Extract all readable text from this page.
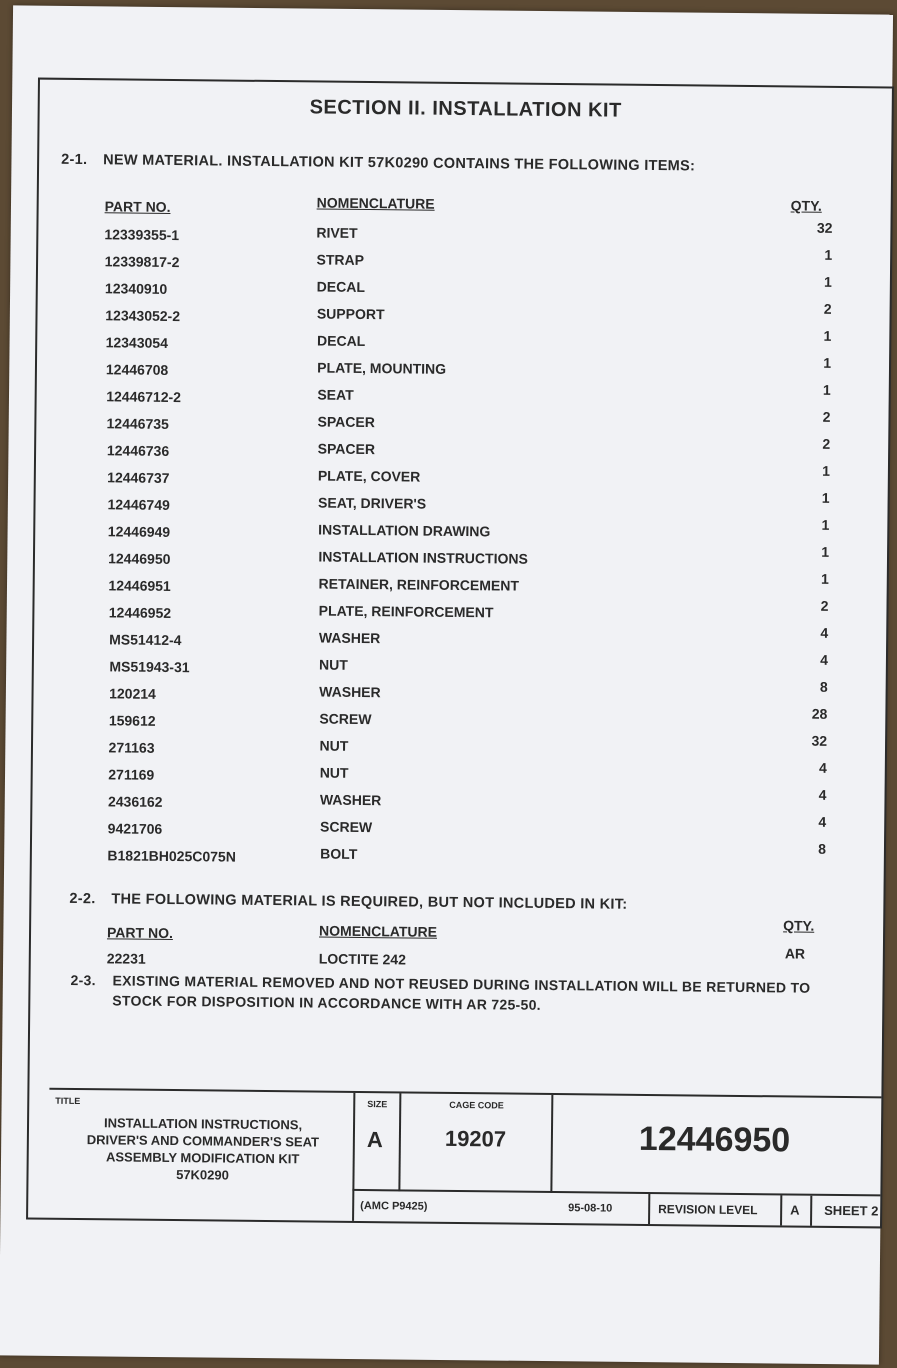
SECTION II. INSTALLATION KIT
2-1. NEW MATERIAL. INSTALLATION KIT 57K0290 CONTAINS THE FOLLOWING ITEMS:
PART NO.	NOMENCLATURE	QTY.
12339355-1	RIVET	32
12339817-2	STRAP	1
12340910	DECAL	1
12343052-2	SUPPORT	2
12343054	DECAL	1
12446708	PLATE, MOUNTING	1
12446712-2	SEAT	1
12446735	SPACER	2
12446736	SPACER	2
12446737	PLATE, COVER	1
12446749	SEAT, DRIVER'S	1
12446949	INSTALLATION DRAWING	1
12446950	INSTALLATION INSTRUCTIONS	1
12446951	RETAINER, REINFORCEMENT	1
12446952	PLATE, REINFORCEMENT	2
MS51412-4	WASHER	4
MS51943-31	NUT	4
120214	WASHER	8
159612	SCREW	28
271163	NUT	32
271169	NUT	4
2436162	WASHER	4
9421706	SCREW	4
B1821BH025C075N	BOLT	8
2-2. THE FOLLOWING MATERIAL IS REQUIRED, BUT NOT INCLUDED IN KIT:
PART NO.	NOMENCLATURE	QTY.
22231	LOCTITE 242	AR
2-3. EXISTING MATERIAL REMOVED AND NOT REUSED DURING INSTALLATION WILL BE RETURNED TO
STOCK FOR DISPOSITION IN ACCORDANCE WITH AR 725-50.
TITLE
INSTALLATION INSTRUCTIONS,
DRIVER'S AND COMMANDER'S SEAT
ASSEMBLY MODIFICATION KIT
57K0290
SIZE
A
CAGE CODE
19207	12446950
(AMC P9425)	95-08-10	REVISION LEVEL A SHEET 2
